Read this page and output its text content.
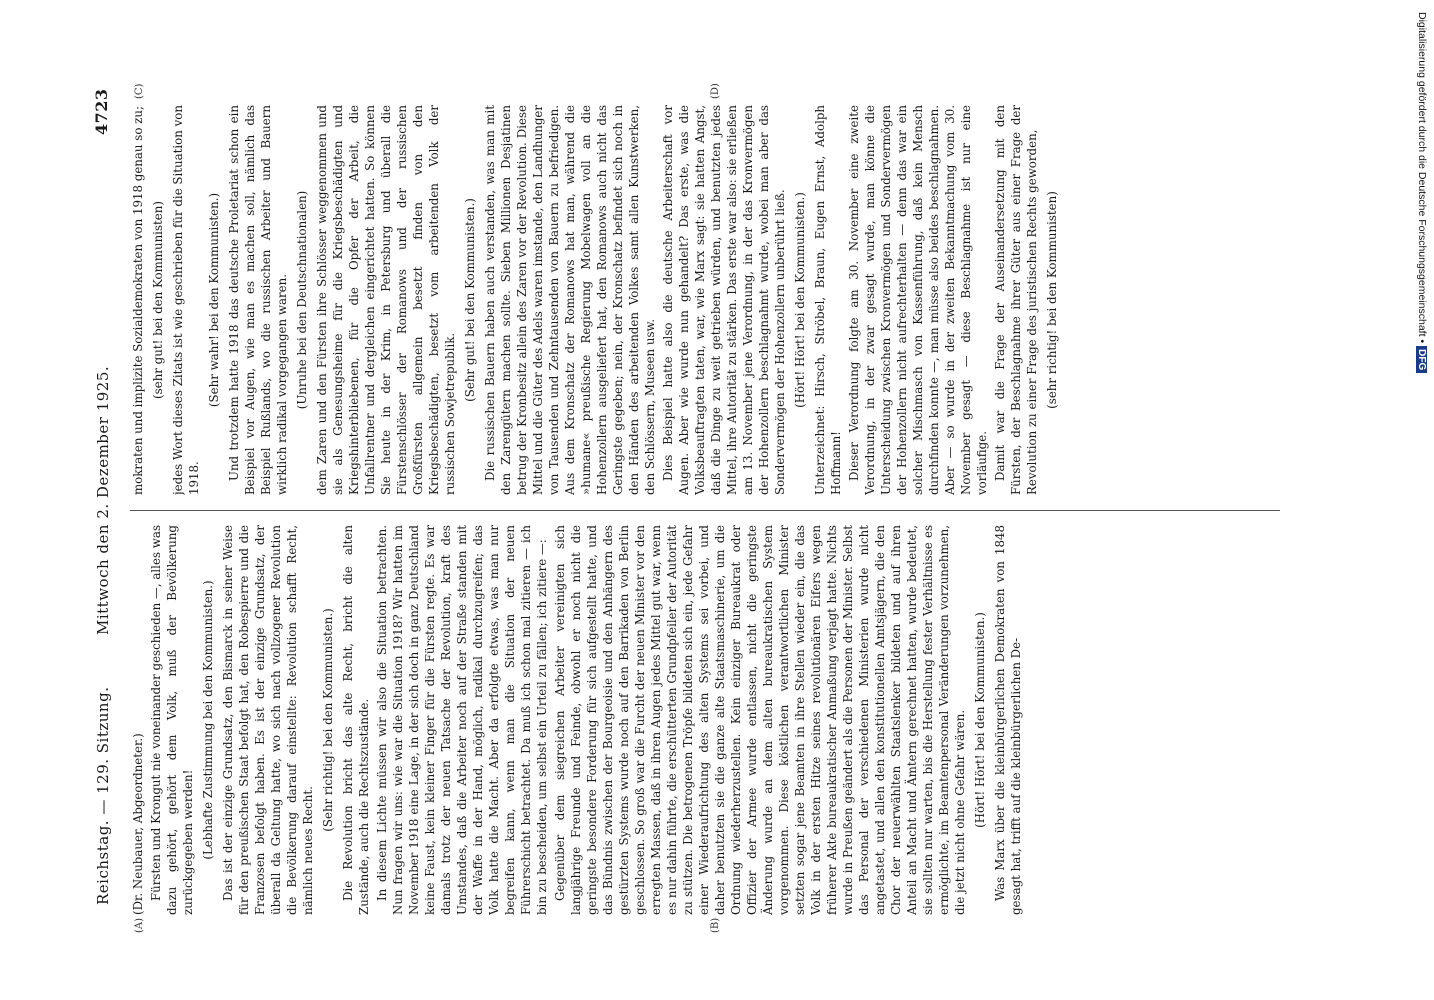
Reichstag. — 129. Sitzung.
Mittwoch den 2. Dezember 1925.
4723
(A)	(B)
(C)	(D)

(Dr. Neubauer, Abgeordneter.) Fürsten und Krongut nie voneinander geschieden —, alles was dazu gehört, gehört dem Volk, muß der Bevölkerung zurückgegeben werden! (Lebhafte Zustimmung bei den Kommunisten.) Das ist der einzige Grundsatz, den Bismarck in seiner Weise für den preußischen Staat befolgt hat, den Robespierre und die Franzosen befolgt haben. Es ist der einzige Grundsatz, der überall da Geltung hatte, wo sich nach vollzogener Revolution die Bevölkerung darauf einstellte: Revolution schafft Recht, nämlich neues Recht.

(Sehr richtig! bei den Kommunisten.) Die Revolution bricht das alte Recht, bricht die alten Zustände, auch die Rechtszustände. In diesem Lichte müssen wir also die Situation betrachten. Nun fragen wir uns: wie war die Situation 1918? Wir hatten im November 1918 eine Lage, in der sich doch in ganz Deutschland keine Faust, kein kleiner Finger für die Fürsten regte. Es war damals trotz der neuen Tatsache der Revolution, kraft des Umstandes, daß die Arbeiter noch auf der Straße standen mit der Waffe in der Hand, möglich, radikal durchzugreifen; das Volk hatte die Macht. Aber da erfolgte etwas, was man nur begreifen kann, wenn man die Situation der neuen Führerschicht betrachtet. Da muß ich schon mal zitieren — ich bin zu bescheiden, um selbst ein Urteil zu fällen; ich zitiere —: Gegenüber dem siegreichen Arbeiter vereinigten sich langjährige Freunde und Feinde, obwohl er noch nicht die geringste besondere Forderung für sich aufgestellt hatte, und das Bündnis zwischen der Bourgeoisie und den Anhängern des gestürzten Systems wurde noch auf den Barrikaden von Berlin geschlossen. So groß war die Furcht der neuen Minister vor den erregten Massen, daß in ihren Augen jedes Mittel gut war, wenn es nur dahin führte, die erschütterten Grundpfeiler der Autorität zu stützen. Die betrogenen Tröpfe bildeten sich ein, jede Gefahr einer Wiederaufrichtung des alten Systems sei vorbei, und daher benutzten sie die ganze alte Staatsmaschinerie, um die Ordnung wiederherzustellen. Kein einziger Bureaukrat oder Offizier der Armee wurde entlassen, nicht die geringste Änderung wurde an dem alten bureaukratischen System vorgenommen. Diese köstlichen verantwortlichen Minister setzten sogar jene Beamten in ihre Stellen wieder ein, die das Volk in der ersten Hitze seines revolutionären Eifers wegen früherer Akte bureaukratischer Anmaßung verjagt hatte. Nichts wurde in Preußen geändert als die Personen der Minister. Selbst das Personal der verschiedenen Ministerien wurde nicht angetastet, und allen den konstitutionellen Amtsjägern, die den Chor der neuerwählten Staatslenker bildeten und auf ihren Anteil an Macht und Ämtern gerechnet hatten, wurde bedeutet, sie sollten nur warten, bis die Herstellung fester Verhältnisse es ermöglichte, im Beamtenpersonal Veränderungen vorzunehmen, die jetzt nicht ohne Gefahr wären. (Hört! Hört! bei den Kommunisten.) Was Marx über die kleinbürgerlichen Demokraten von 1848 gesagt hat, trifft auf die kleinbürgerlichen De-

mokraten und implizite Sozialdemokraten von 1918 genau so zu; (sehr gut! bei den Kommunisten) jedes Wort dieses Zitats ist wie geschrieben für die Situation von 1918.

(Sehr wahr! bei den Kommunisten.) Und trotzdem hatte 1918 das deutsche Proletariat schon ein Beispiel vor Augen, wie man es machen soll, nämlich das Beispiel Rußlands, wo die russischen Arbeiter und Bauern wirklich radikal vorgegangen waren. (Unruhe bei den Deutschnationalen) dem Zaren und den Fürsten ihre Schlösser weggenommen und sie als Genesungsheime für die Kriegsbeschädigten und Kriegshinterbliebenen, für die Opfer der Arbeit, die Unfallrentner und dergleichen eingerichtet hatten. So können Sie heute in der Krim, in Petersburg und überall die Fürstenschlösser der Romanows und der russischen Großfürsten allgemein besetzt finden von den Kriegsbeschädigten, besetzt vom arbeitenden Volk der russischen Sowjetrepublik.

(Sehr gut! bei den Kommunisten.) Die russischen Bauern haben auch verstanden, was man mit den Zarengütern machen sollte. Sieben Millionen Desjatinen betrug der Kronbesitz allein des Zaren vor der Revolution. Diese Mittel und die Güter des Adels waren imstande, den Landhunger von Tausenden und Zehntausenden von Bauern zu befriedigen. Aus dem Kronschatz der Romanows hat man, während die »humane« preußische Regierung Mobelwagen voll an die Hohenzollern ausgeliefert hat, den Romanows auch nicht das Geringste gegeben; nein, der Kronschatz befindet sich noch in den Händen des arbeitenden Volkes samt allen Kunstwerken, den Schlössern, Museen usw. Dies Beispiel hatte also die deutsche Arbeiterschaft vor Augen. Aber wie wurde nun gehandelt? Das erste, was die Volksbeauftragten taten, war, wie Marx sagt: sie hatten Angst, daß die Dinge zu weit getrieben würden, und benutzten jedes Mittel, ihre Autorität zu stärken. Das erste war also: sie erließen am 13. November jene Verordnung, in der das Kronvermögen der Hohenzollern beschlagnahmt wurde, wobei man aber das Sondervermögen der Hohenzollern unberührt ließ. (Hört! Hört! bei den Kommunisten.) Unterzeichnet: Hirsch, Ströbel, Braun, Eugen Ernst, Adolph Hoffmann! Dieser Verordnung folgte am 30. November eine zweite Verordnung, in der zwar gesagt wurde, man könne die Unterscheidung zwischen Kronvermögen und Sondervermögen der Hohenzollern nicht aufrechterhalten — denn das war ein solcher Mischmasch von Kassenführung, daß kein Mensch durchfinden konnte —, man müsse also beides beschlagnahmen. Aber — so wurde in der zweiten Bekanntmachung vom 30. November gesagt — diese Beschlagnahme ist nur eine vorläufige. Damit war die Frage der Auseinandersetzung mit den Fürsten, der Beschlagnahme ihrer Güter aus einer Frage der Revolution zu einer Frage des juristischen Rechts geworden, (sehr richtig! bei den Kommunisten)	Digitalisierung gefördert durch die Deutsche Forschungsgemeinschaft •DFG
